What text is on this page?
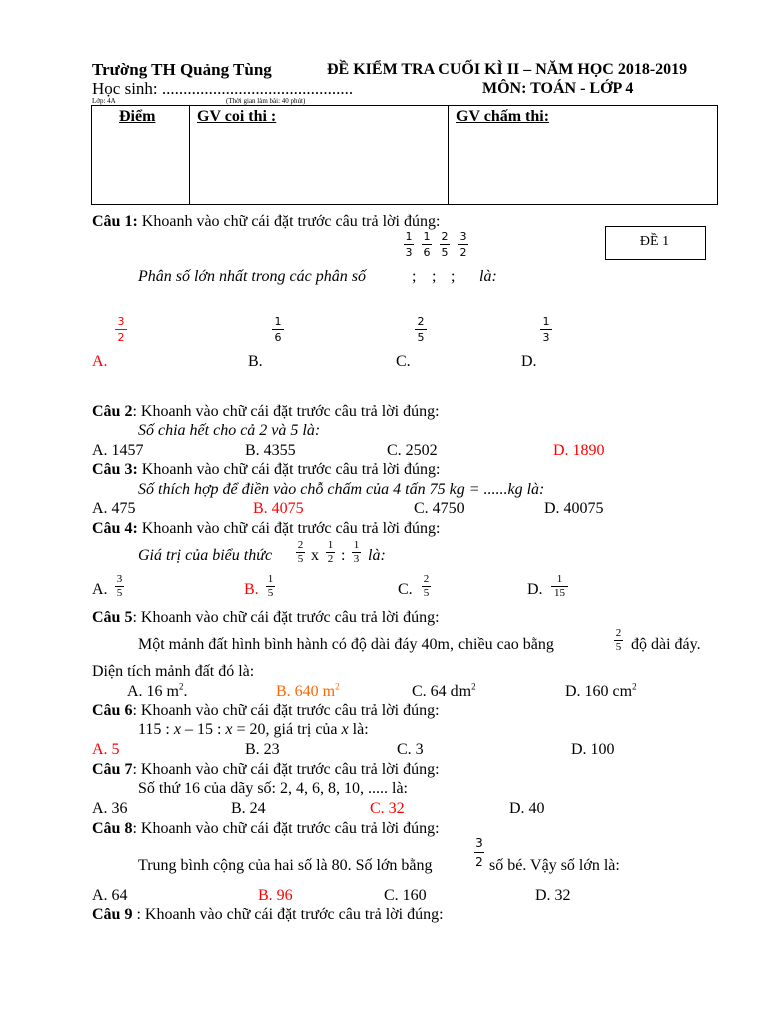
Trường TH Quảng Tùng	ĐỀ KIỂM TRA CUỐI KÌ II – NĂM HỌC 2018-2019
Học sinh: .............................................	MÔN: TOÁN - LỚP 4
Lớp: 4A	(Thời gian làm bài: 40 phút)
Điểm	GV coi thi :	GV chấm thi:
Câu 1: Khoanh vào chữ cái đặt trước câu trả lời đúng:
ĐỀ 1
1
3
1
6
2
5
3
2
Phân số lớn nhất trong các phân số	; ; ; là:
3
2
1
6
2
5
1
3
A.	B.	C.	D.
Câu 2: Khoanh vào chữ cái đặt trước câu trả lời đúng:
Số chia hết cho cả 2 và 5 là:
A. 1457	B. 4355	C. 2502	D. 1890
Câu 3: Khoanh vào chữ cái đặt trước câu trả lời đúng:
Số thích hợp để điền vào chỗ chấm của 4 tấn 75 kg = ......kg là:
A. 475	B. 4075	C. 4750	D. 40075
Câu 4: Khoanh vào chữ cái đặt trước câu trả lời đúng:
Giá trị của biểu thức
2
5 x
1
2 :
1
3 là:
A.
3
5	B.
1
5	C.
2
5	D.
1
15
Câu 5: Khoanh vào chữ cái đặt trước câu trả lời đúng:
Một mảnh đất hình bình hành có độ dài đáy 40m, chiều cao bằng
2
5 độ dài đáy.
Diện tích mảnh đất đó là:
A. 16 $m^2$.	B. 640 $m^2$	C. 64 $dm^2$	D. 160 $cm^2$
Câu 6: Khoanh vào chữ cái đặt trước câu trả lời đúng:
115 : x – 15 : x = 20, giá trị của x là:
A. 5	B. 23	C. 3	D. 100
Câu 7: Khoanh vào chữ cái đặt trước câu trả lời đúng:
Số thứ 16 của dãy số: 2, 4, 6, 8, 10, ..... là:
A. 36	B. 24	C. 32	D. 40
Câu 8: Khoanh vào chữ cái đặt trước câu trả lời đúng:
Trung bình cộng của hai số là 80. Số lớn bằng
3
2 số bé. Vậy số lớn là:
A. 64	B. 96	C. 160	D. 32
Câu 9 : Khoanh vào chữ cái đặt trước câu trả lời đúng:
